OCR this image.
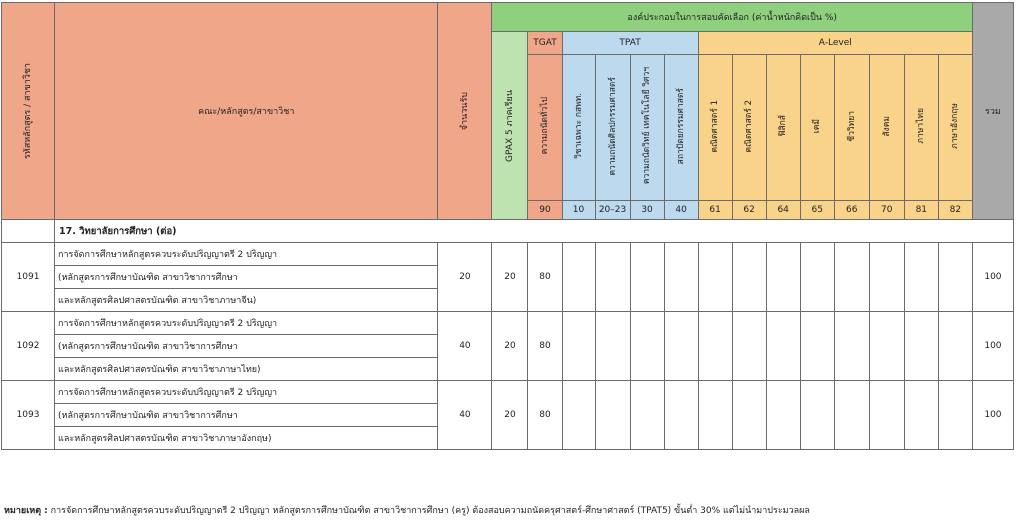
รหัสหลักสูตร / สาขาวิชา	คณะ/หลักสูตร/สาขาวิชา	จำนวนรับ	องค์ประกอบในการสอบคัดเลือก (ค่าน้ำหนักคิดเป็น %)														รวม

			GPAX 5 ภาคเรียน	TGAT	TPAT				A-Level								

				ความถนัดทั่วไป	วิชาเฉพาะ กสพท.	ความถนัดศิลปกรรมศาสตร์	ความถนัดวิทย์ เทคโนโลยี วิศวฯ	สถาปัตยกรรมศาสตร์	คณิตศาสตร์ 1	คณิตศาสตร์ 2	ฟิสิกส์	เคมี	ชีววิทยา	สังคม	ภาษาไทย	ภาษาอังกฤษ	

				90	10	20–23	30	40	61	62	64	65	66	70	81	82	
	17. วิทยาลัยการศึกษา (ต่อ)																
1091	การจัดการศึกษาหลักสูตรควบระดับปริญญาตรี 2 ปริญญา	20	20	80													100
	(หลักสูตรการศึกษาบัณฑิต สาขาวิชาการศึกษา																
	และหลักสูตรศิลปศาสตรบัณฑิต สาขาวิชาภาษาจีน)																
1092	การจัดการศึกษาหลักสูตรควบระดับปริญญาตรี 2 ปริญญา	40	20	80													100
	(หลักสูตรการศึกษาบัณฑิต สาขาวิชาการศึกษา																
	และหลักสูตรศิลปศาสตรบัณฑิต สาขาวิชาภาษาไทย)																
1093	การจัดการศึกษาหลักสูตรควบระดับปริญญาตรี 2 ปริญญา	40	20	80													100
	(หลักสูตรการศึกษาบัณฑิต สาขาวิชาการศึกษา																
	และหลักสูตรศิลปศาสตรบัณฑิต สาขาวิชาภาษาอังกฤษ)																
หมายเหตุ : การจัดการศึกษาหลักสูตรควบระดับปริญญาตรี 2 ปริญญา หลักสูตรการศึกษาบัณฑิต สาขาวิชาการศึกษา (ครู) ต้องสอบความถนัดครุศาสตร์-ศึกษาศาสตร์ (TPAT5) ขั้นต่ำ 30% แต่ไม่นำมาประมวลผล
